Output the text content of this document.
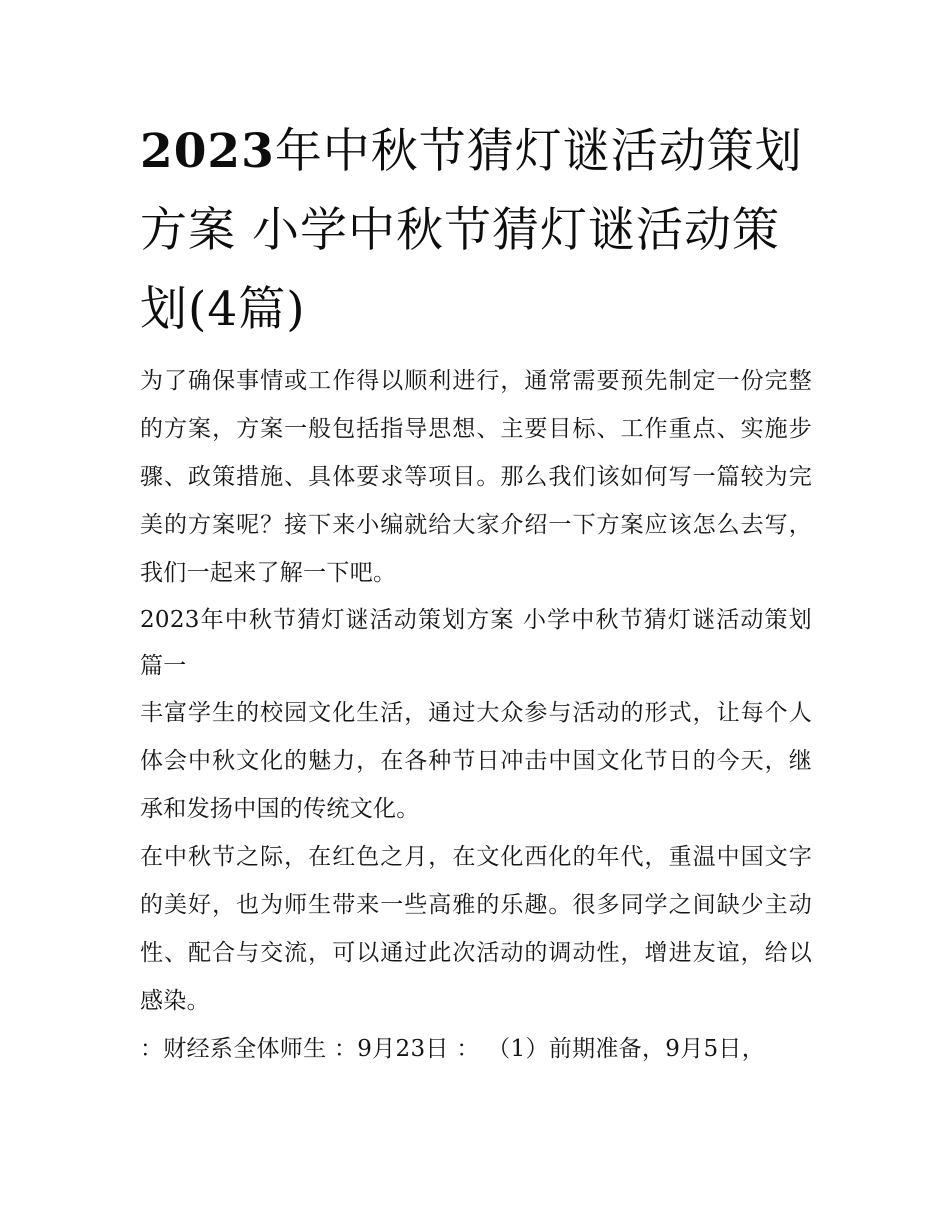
2023年中秋节猜灯谜活动策划方案 小学中秋节猜灯谜活动策划(4篇)

为了确保事情或工作得以顺利进行，通常需要预先制定一份完整的方案，方案一般包括指导思想、主要目标、工作重点、实施步骤、政策措施、具体要求等项目。那么我们该如何写一篇较为完美的方案呢？接下来小编就给大家介绍一下方案应该怎么去写，我们一起来了解一下吧。

2023年中秋节猜灯谜活动策划方案 小学中秋节猜灯谜活动策划篇一

丰富学生的校园文化生活，通过大众参与活动的形式，让每个人体会中秋文化的魅力，在各种节日冲击中国文化节日的今天，继承和发扬中国的传统文化。

在中秋节之际，在红色之月，在文化西化的年代，重温中国文字的美好，也为师生带来一些高雅的乐趣。很多同学之间缺少主动性、配合与交流，可以通过此次活动的调动性，增进友谊，给以感染。

：财经系全体师生 ：9月23日 ： （1）前期准备，9月5日，
